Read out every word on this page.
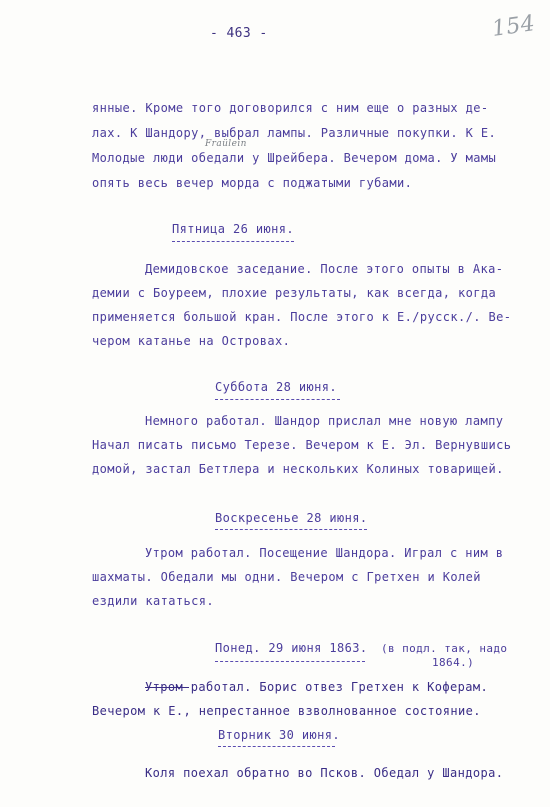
- 463 -	154
янные. Кроме того договорился с ним еще о разных де-
лах. К Шандору, выбрал лампы. Различные покупки. К Е.
Fraülein
Молодые люди обедали у Шрейбера. Вечером дома. У мамы
опять весь вечер морда с поджатыми губами.
Пятница 26 июня.
Демидовское заседание. После этого опыты в Ака-
демии с Боуреем, плохие результаты, как всегда, когда
применяется большой кран. После этого к Е./русск./. Ве-
чером катанье на Островах.
Суббота 28 июня.
Немного работал. Шандор прислал мне новую лампу
Начал писать письмо Терезе. Вечером к Е. Эл. Вернувшись
домой, застал Беттлера и нескольких Колиных товарищей.
Воскресенье 28 июня.
Утром работал. Посещение Шандора. Играл с ним в
шахматы. Обедали мы одни. Вечером с Гретхен и Колей
ездили кататься.
Понед. 29 июня 1863. (в подл. так, надо
1864.)
Утром работал. Борис отвез Гретхен к Коферам.
Вечером к Е., непрестанное взволнованное состояние.
Вторник 30 июня.
Коля поехал обратно во Псков. Обедал у Шандора.
